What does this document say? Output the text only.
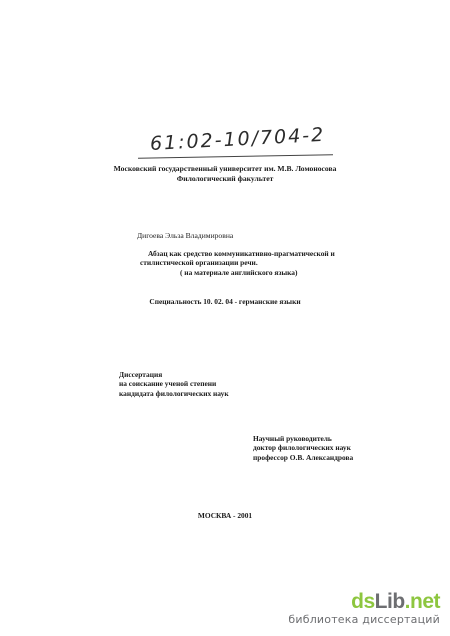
61:02-10/704-2
Московский государственный университет им. М.В. Ломоносова
Филологический факультет
Дигоева Эльза Владимировна
Абзац как средство коммуникативно-прагматической и
стилистической организации речи.
( на материале английского языка)
Специальность 10. 02. 04 - германские языки
Диссертация
на соискание ученой степени
кандидата филологических наук
Научный руководитель
доктор филологических наук
профессор О.В. Александрова
МОСКВА - 2001
dsLib.net
библиотека диссертаций
